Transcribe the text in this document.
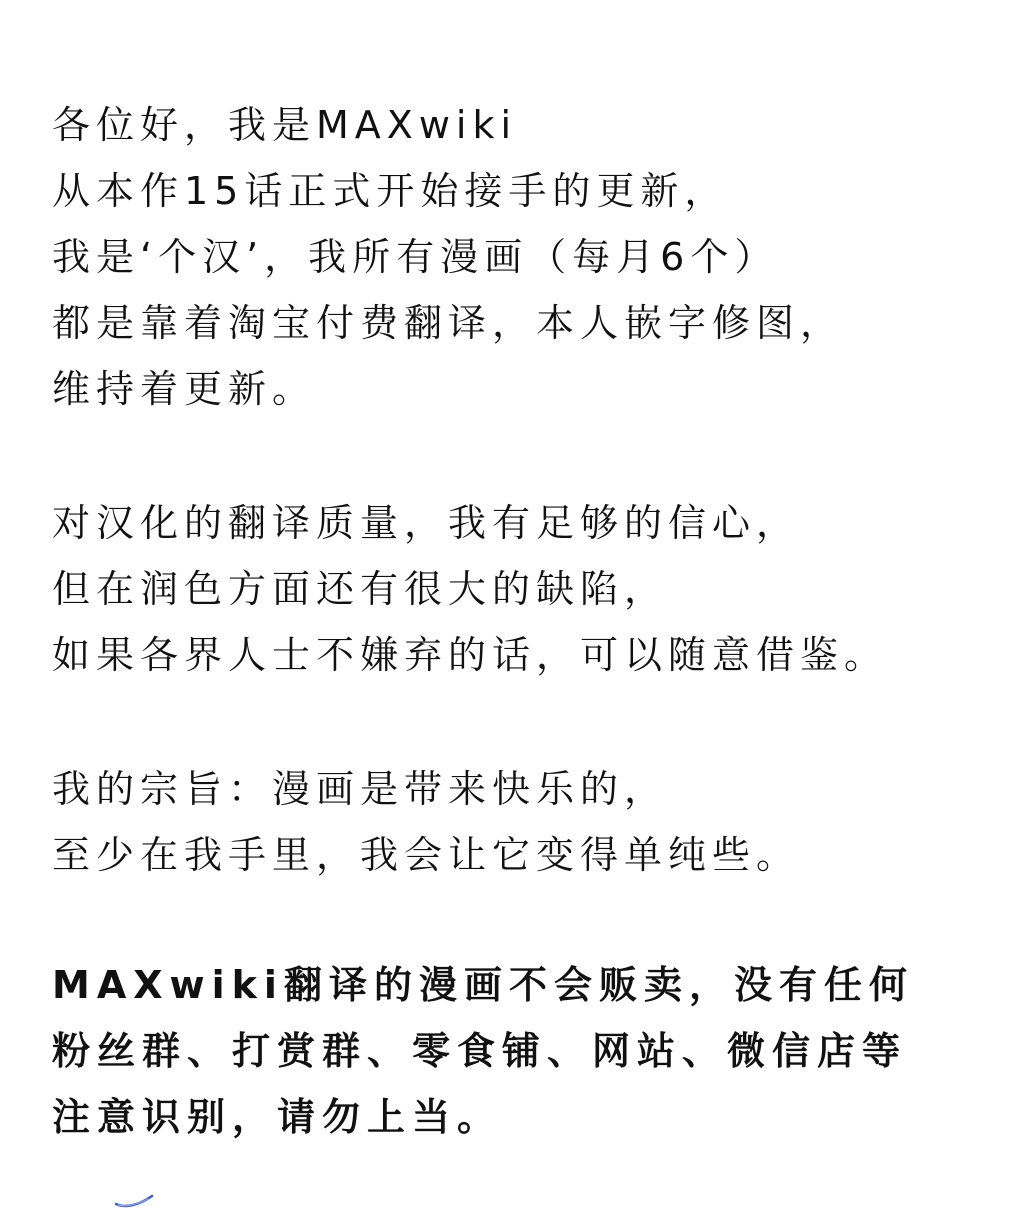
各位好，我是MAXwiki
从本作15话正式开始接手的更新，
我是‘个汉’，我所有漫画（每月6个）
都是靠着淘宝付费翻译，本人嵌字修图，
维持着更新。
对汉化的翻译质量，我有足够的信心，
但在润色方面还有很大的缺陷，
如果各界人士不嫌弃的话，可以随意借鉴。
我的宗旨：漫画是带来快乐的，
至少在我手里，我会让它变得单纯些。
MAXwiki翻译的漫画不会贩卖，没有任何
粉丝群、打赏群、零食铺、网站、微信店等
注意识别，请勿上当。
